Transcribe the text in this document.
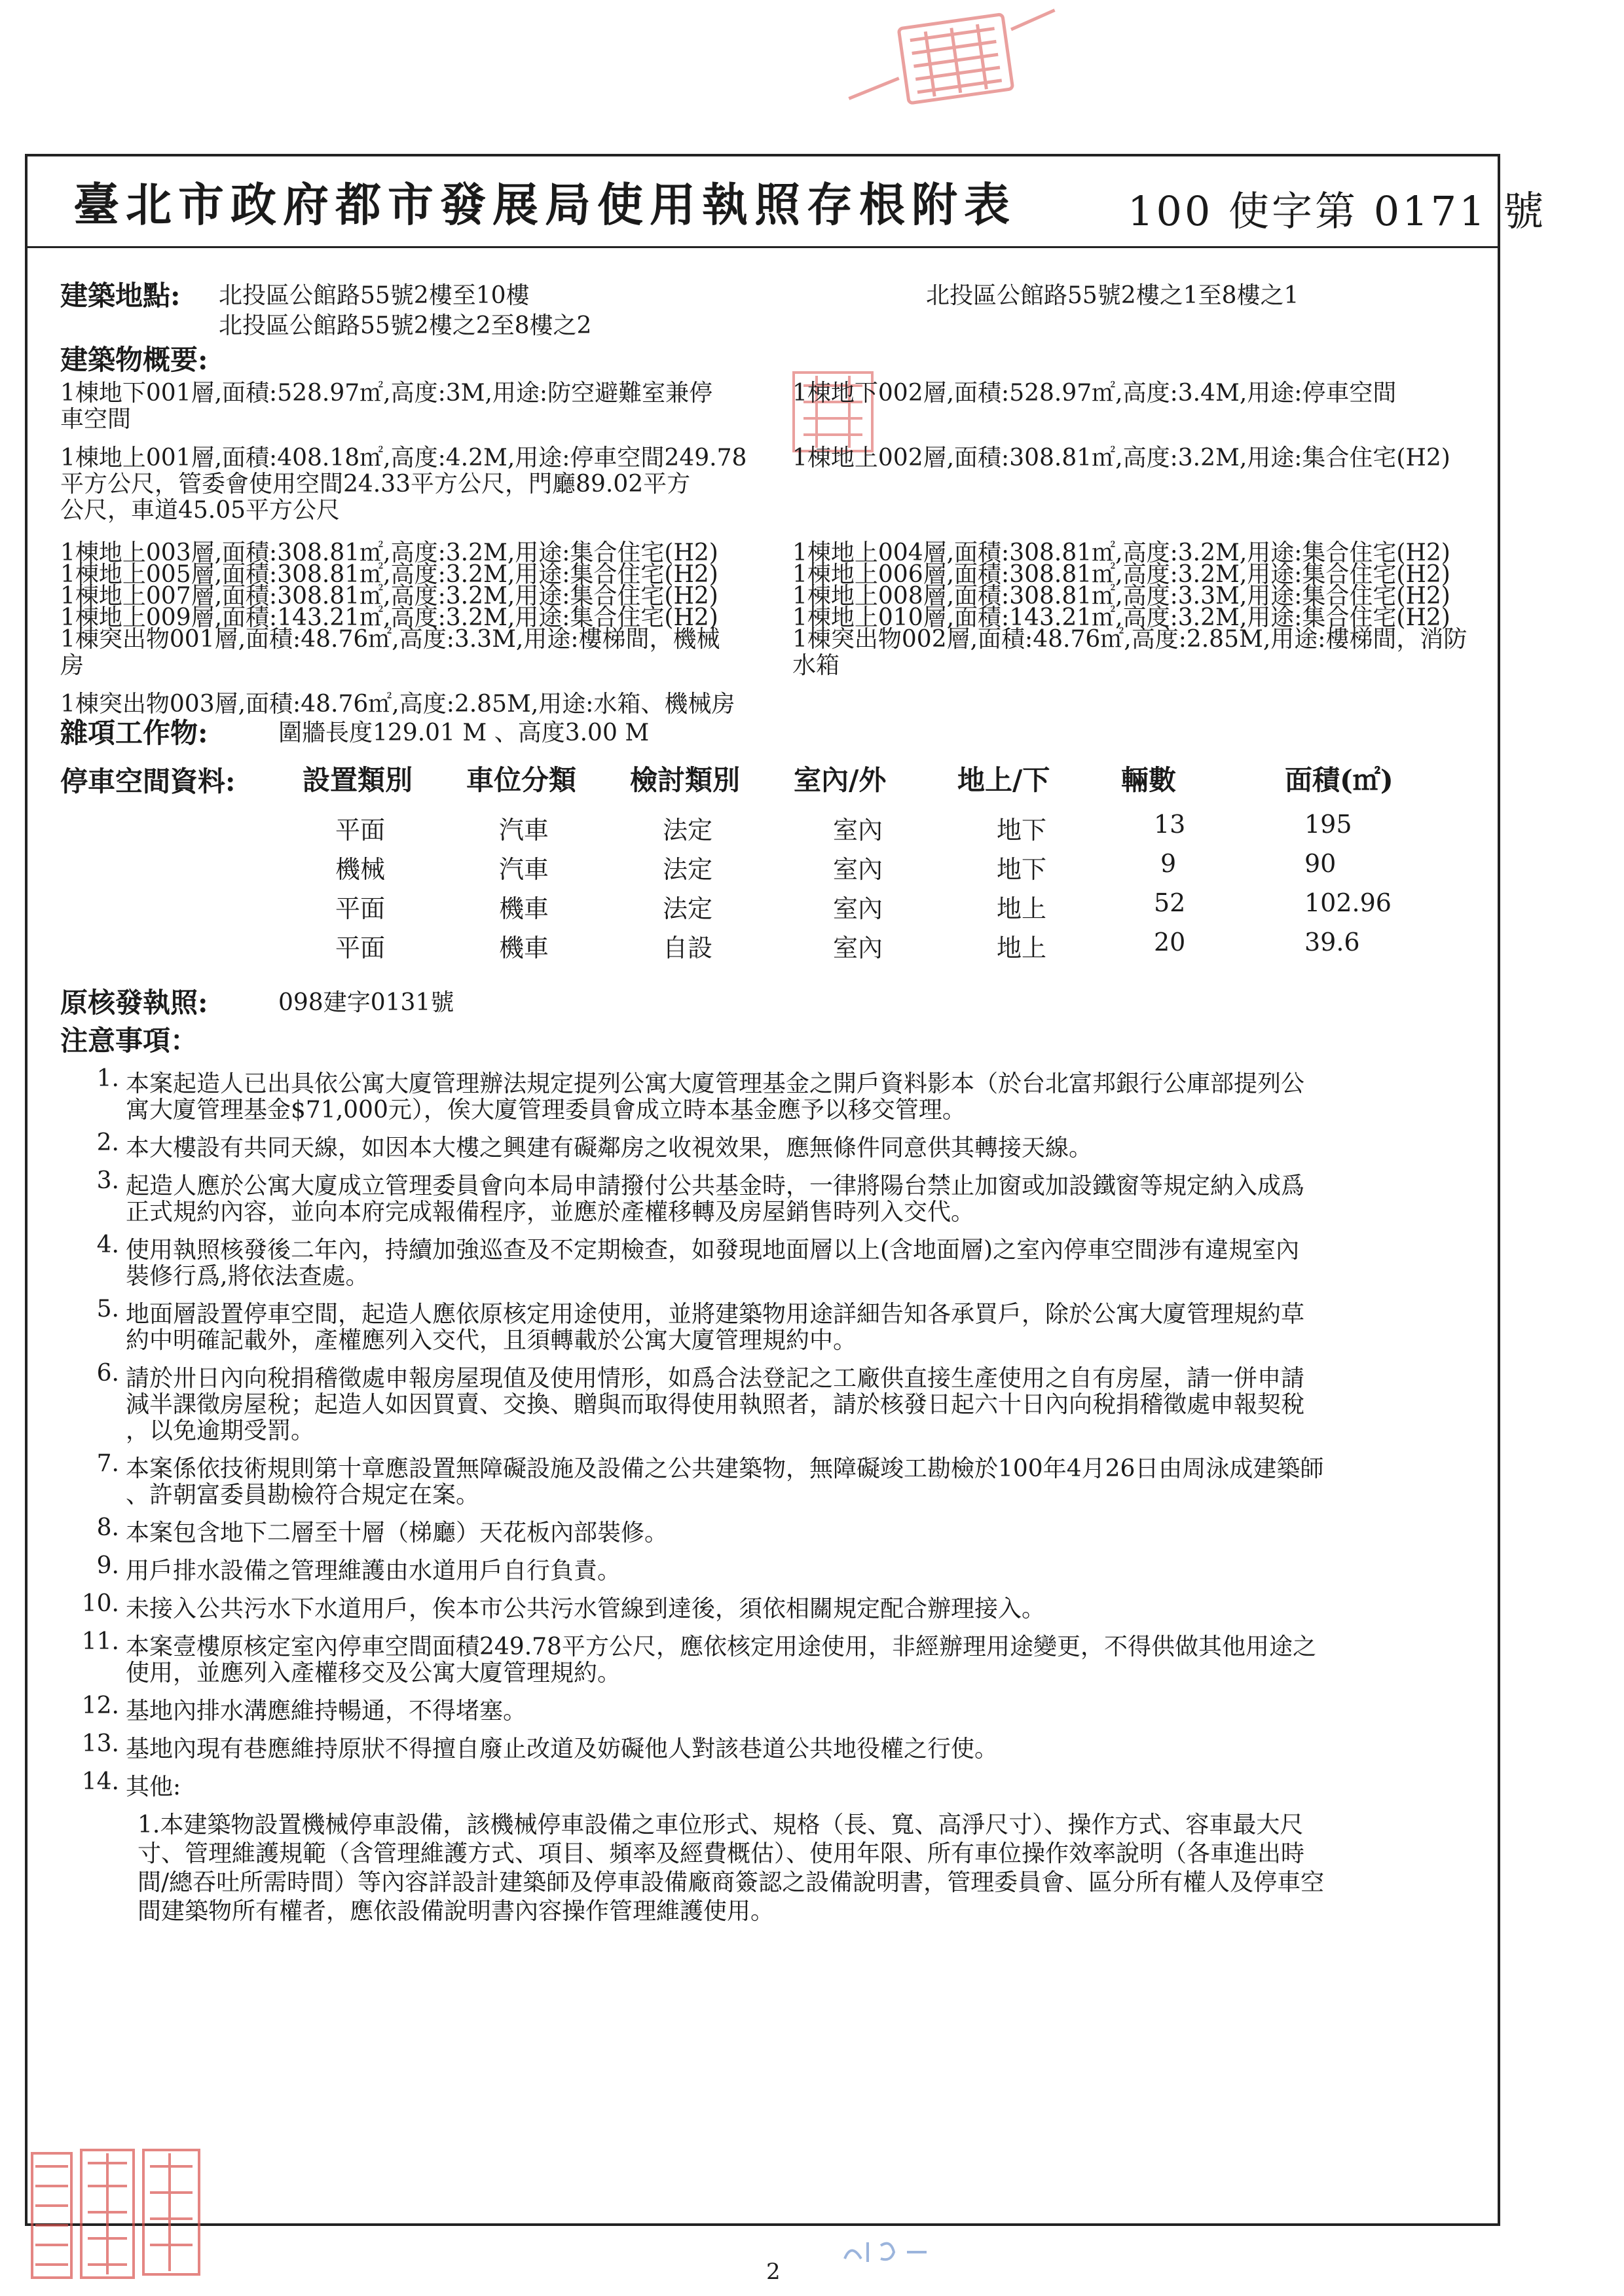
臺北市政府都市發展局使用執照存根附表	100 使字第 0171 號
建築地點: 北投區公館路55號2樓至10樓	北投區公館路55號2樓之1至8樓之1
北投區公館路55號2樓之2至8樓之2
建築物概要:
1棟地下001層,面積:528.97㎡,高度:3M,用途:防空避難室兼停
車空間
1棟地上001層,面積:408.18㎡,高度:4.2M,用途:停車空間249.78
平方公尺，管委會使用空間24.33平方公尺，門廳89.02平方
公尺，車道45.05平方公尺
1棟地上003層,面積:308.81㎡,高度:3.2M,用途:集合住宅(H2)
1棟地上005層,面積:308.81㎡,高度:3.2M,用途:集合住宅(H2)
1棟地上007層,面積:308.81㎡,高度:3.2M,用途:集合住宅(H2)
1棟地上009層,面積:143.21㎡,高度:3.2M,用途:集合住宅(H2)
1棟突出物001層,面積:48.76㎡,高度:3.3M,用途:樓梯間，機械
房
1棟突出物003層,面積:48.76㎡,高度:2.85M,用途:水箱、機械房
1棟地下002層,面積:528.97㎡,高度:3.4M,用途:停車空間
1棟地上002層,面積:308.81㎡,高度:3.2M,用途:集合住宅(H2)
1棟地上004層,面積:308.81㎡,高度:3.2M,用途:集合住宅(H2)
1棟地上006層,面積:308.81㎡,高度:3.2M,用途:集合住宅(H2)
1棟地上008層,面積:308.81㎡,高度:3.3M,用途:集合住宅(H2)
1棟地上010層,面積:143.21㎡,高度:3.2M,用途:集合住宅(H2)
1棟突出物002層,面積:48.76㎡,高度:2.85M,用途:樓梯間，消防
水箱
雜項工作物:	圍牆長度129.01 M 、高度3.00 M
停車空間資料: 設置類別 車位分類 檢討類別 室內/外	地上/下	輛數	面積(㎡)
平面	汽車	法定	室內	地下	13	195
機械	汽車	法定	室內	地下	9	90
平面	機車	法定	室內	地上	52	102.96
平面	機車	自設	室內	地上	20	39.6
原核發執照:	098建字0131號
注意事項：
1. 本案起造人已出具依公寓大廈管理辦法規定提列公寓大廈管理基金之開戶資料影本（於台北富邦銀行公庫部提列公
寓大廈管理基金$71,000元），俟大廈管理委員會成立時本基金應予以移交管理。
2. 本大樓設有共同天線，如因本大樓之興建有礙鄰房之收視效果，應無條件同意供其轉接天線。
3. 起造人應於公寓大廈成立管理委員會向本局申請撥付公共基金時，一律將陽台禁止加窗或加設鐵窗等規定納入成爲
正式規約內容，並向本府完成報備程序，並應於產權移轉及房屋銷售時列入交代。
4. 使用執照核發後二年內，持續加強巡查及不定期檢查，如發現地面層以上(含地面層)之室內停車空間涉有違規室內
裝修行爲,將依法查處。
5. 地面層設置停車空間，起造人應依原核定用途使用，並將建築物用途詳細告知各承買戶，除於公寓大廈管理規約草
約中明確記載外，產權應列入交代，且須轉載於公寓大廈管理規約中。
6. 請於卅日內向稅捐稽徵處申報房屋現值及使用情形，如爲合法登記之工廠供直接生產使用之自有房屋，請一併申請
減半課徵房屋稅；起造人如因買賣、交換、贈與而取得使用執照者，請於核發日起六十日內向稅捐稽徵處申報契稅
，以免逾期受罰。
7. 本案係依技術規則第十章應設置無障礙設施及設備之公共建築物，無障礙竣工勘檢於100年4月26日由周泳成建築師
、許朝富委員勘檢符合規定在案。
8. 本案包含地下二層至十層（梯廳）天花板內部裝修。
9. 用戶排水設備之管理維護由水道用戶自行負責。
10. 未接入公共污水下水道用戶，俟本市公共污水管線到達後，須依相關規定配合辦理接入。
11. 本案壹樓原核定室內停車空間面積249.78平方公尺，應依核定用途使用，非經辦理用途變更，不得供做其他用途之
使用，並應列入產權移交及公寓大廈管理規約。
12. 基地內排水溝應維持暢通，不得堵塞。
13. 基地內現有巷應維持原狀不得擅自廢止改道及妨礙他人對該巷道公共地役權之行使。
14. 其他:
1.本建築物設置機械停車設備，該機械停車設備之車位形式、規格（長、寬、高淨尺寸）、操作方式、容車最大尺
寸、管理維護規範（含管理維護方式、項目、頻率及經費概估）、使用年限、所有車位操作效率說明（各車進出時
間/總吞吐所需時間）等內容詳設計建築師及停車設備廠商簽認之設備說明書，管理委員會、區分所有權人及停車空
間建築物所有權者，應依設備說明書內容操作管理維護使用。
2
